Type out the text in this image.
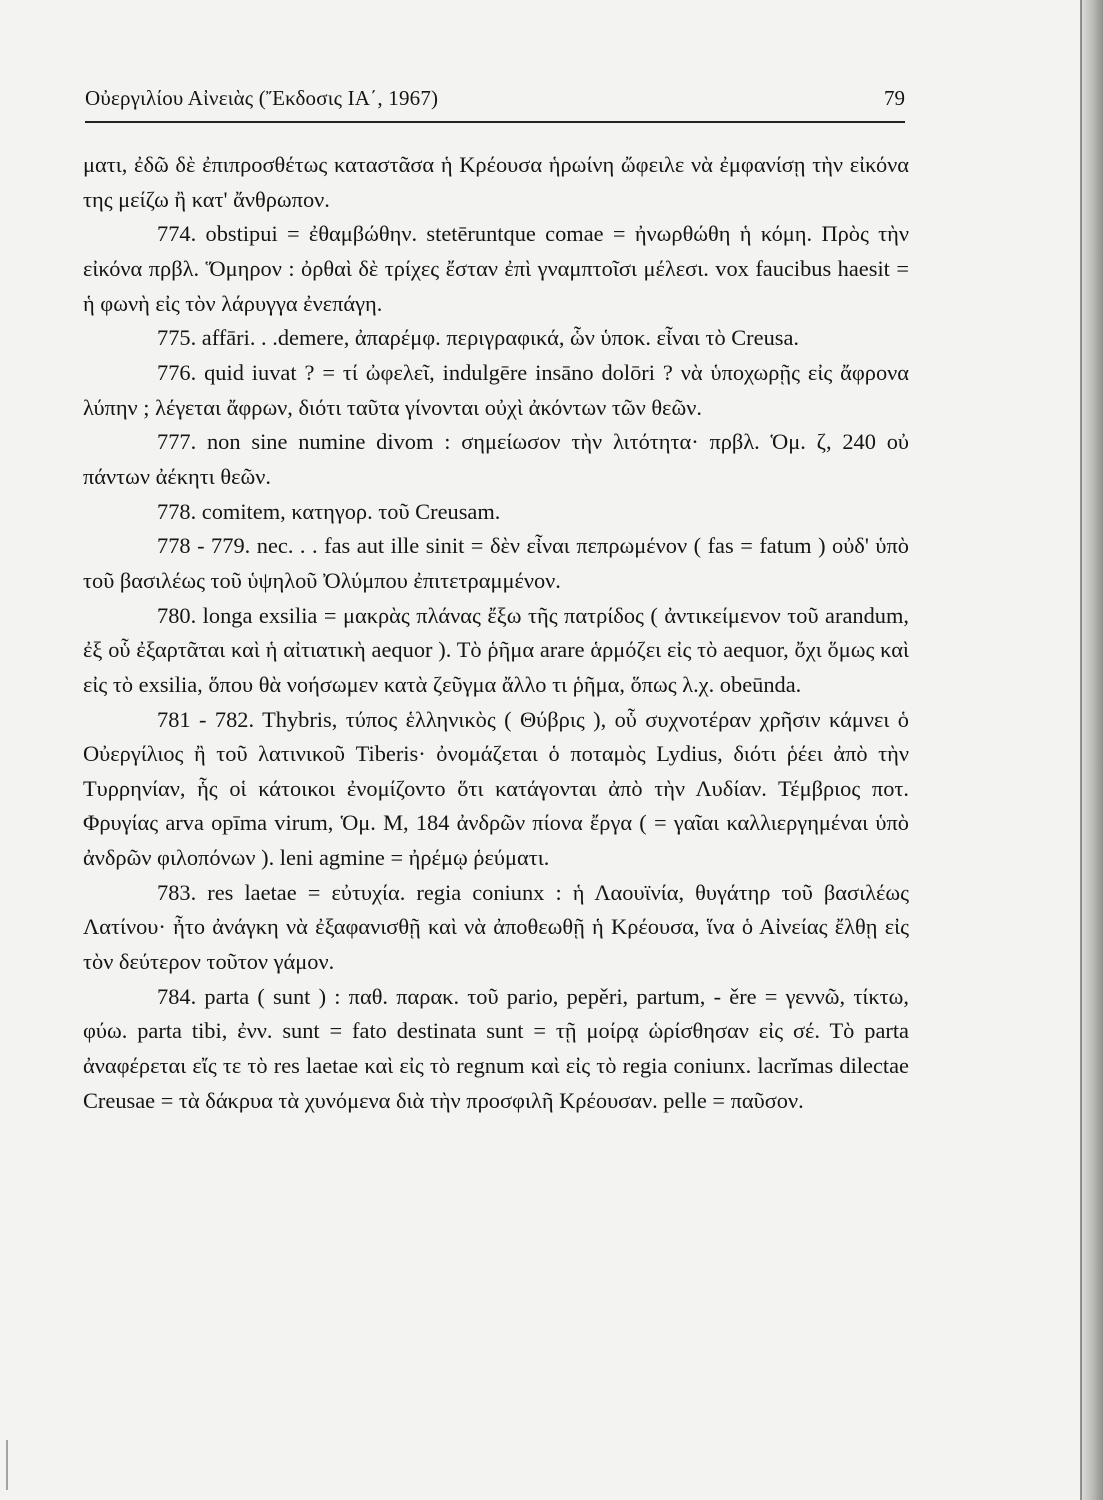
Οὐεργιλίου Αἰνειὰς (Ἔκδοσις ΙΑ΄, 1967)	79

ματι, ἐδῶ δὲ ἐπιπροσθέτως καταστᾶσα ἡ Κρέουσα ἡρωίνη ὤφειλε νὰ ἐμφανίσῃ τὴν εἰκόνα της μείζω ἢ κατ' ἄνθρωπον.

774. obstipui = ἐθαμβώθην. stetēruntque comae = ἠνωρθώθη ἡ κόμη. Πρὸς τὴν εἰκόνα πρβλ. Ὅμηρον : ὀρθαὶ δὲ τρίχες ἔσταν ἐπὶ γναμπτοῖσι μέλεσι. vox faucibus haesit = ἡ φωνὴ εἰς τὸν λάρυγγα ἐνεπάγη.

775. affāri. . .demere, ἀπαρέμφ. περιγραφικά, ὧν ὑποκ. εἶναι τὸ Creusa.

776. quid iuvat ? = τί ὠφελεῖ, indulgēre insāno dolōri ? νὰ ὑποχωρῇς εἰς ἄφρονα λύπην ; λέγεται ἄφρων, διότι ταῦτα γίνονται οὐχὶ ἀκόντων τῶν θεῶν.

777. non sine numine divom : σημείωσον τὴν λιτότητα· πρβλ. Ὁμ. ζ, 240 οὐ πάντων ἀέκητι θεῶν.

778. comitem, κατηγορ. τοῦ Creusam.

778 - 779. nec. . . fas aut ille sinit = δὲν εἶναι πεπρωμένον ( fas = fatum ) οὐδ' ὑπὸ τοῦ βασιλέως τοῦ ὑψηλοῦ Ὀλύμπου ἐπιτετραμμένον.

780. longa exsilia = μακρὰς πλάνας ἔξω τῆς πατρίδος ( ἀντικείμενον τοῦ arandum, ἐξ οὗ ἐξαρτᾶται καὶ ἡ αἰτιατικὴ aequor ). Τὸ ῥῆμα arare ἁρμόζει εἰς τὸ aequor, ὄχι ὅμως καὶ εἰς τὸ exsilia, ὅπου θὰ νοήσωμεν κατὰ ζεῦγμα ἄλλο τι ῥῆμα, ὅπως λ.χ. obeūnda.

781 - 782. Thybris, τύπος ἑλληνικὸς ( Θύβρις ), οὗ συχνοτέραν χρῆσιν κάμνει ὁ Οὐεργίλιος ἢ τοῦ λατινικοῦ Tiberis· ὀνομάζεται ὁ ποταμὸς Lydius, διότι ῥέει ἀπὸ τὴν Τυρρηνίαν, ἧς οἱ κάτοικοι ἐνομίζοντο ὅτι κατάγονται ἀπὸ τὴν Λυδίαν. Τέμβριος ποτ. Φρυγίας arva opīma virum, Ὁμ. Μ, 184 ἀνδρῶν πίονα ἔργα ( = γαῖαι καλλιεργημέναι ὑπὸ ἀνδρῶν φιλοπόνων ). leni agmine = ἠρέμῳ ῥεύματι.

783. res laetae = εὐτυχία. regia coniunx : ἡ Λαουϊνία, θυγάτηρ τοῦ βασιλέως Λατίνου· ἦτο ἀνάγκη νὰ ἐξαφανισθῇ καὶ νὰ ἀποθεωθῇ ἡ Κρέουσα, ἵνα ὁ Αἰνείας ἔλθῃ εἰς τὸν δεύτερον τοῦτον γάμον.

784. parta ( sunt ) : παθ. παρακ. τοῦ pario, pepěri, partum, - ěre = γεννῶ, τίκτω, φύω. parta tibi, ἐνν. sunt = fato destinata sunt = τῇ μοίρᾳ ὡρίσθησαν εἰς σέ. Τὸ parta ἀναφέρεται εἴς τε τὸ res laetae καὶ εἰς τὸ regnum καὶ εἰς τὸ regia coniunx. lacrĭmas dilectae Creusae = τὰ δάκρυα τὰ χυνόμενα διὰ τὴν προσφιλῆ Κρέουσαν. pelle = παῦσον.
